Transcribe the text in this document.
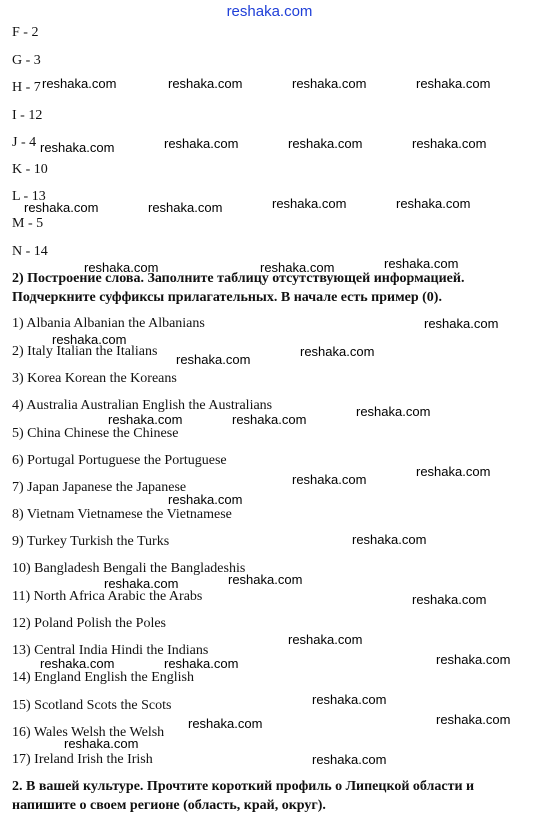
reshaka.com
F - 2
G - 3
H - 7
I - 12
J - 4
K - 10
L - 13
M - 5
N - 14
2) Построение слова. Заполните таблицу отсутствующей информацией.
Подчеркните суффиксы прилагательных. В начале есть пример (0).
1) Albania Albanian the Albanians
2) Italy Italian the Italians
3) Korea Korean the Koreans
4) Australia Australian English the Australians
5) China Chinese the Chinese
6) Portugal Portuguese the Portuguese
7) Japan Japanese the Japanese
8) Vietnam Vietnamese the Vietnamese
9) Turkey Turkish the Turks
10) Bangladesh Bengali the Bangladeshis
11) North Africa Arabic the Arabs
12) Poland Polish the Poles
13) Central India Hindi the Indians
14) England English the English
15) Scotland Scots the Scots
16) Wales Welsh the Welsh
17) Ireland Irish the Irish
2. В вашей культуре. Прочтите короткий профиль о Липецкой области и
напишите о своем регионе (область, край, округ).
reshaka.com	reshaka.com	reshaka.com	reshaka.com
reshaka.com	reshaka.com	reshaka.com	reshaka.com
reshaka.com	reshaka.com	reshaka.com	reshaka.com
reshaka.com	reshaka.com	reshaka.com
reshaka.com
reshaka.com
reshaka.com
reshaka.com
reshaka.com
reshaka.com	reshaka.com
reshaka.com
reshaka.com
reshaka.com
reshaka.com
reshaka.com
reshaka.com
reshaka.com
reshaka.com
reshaka.com
reshaka.com	reshaka.com
reshaka.com
reshaka.com
reshaka.com
reshaka.com
reshaka.com
